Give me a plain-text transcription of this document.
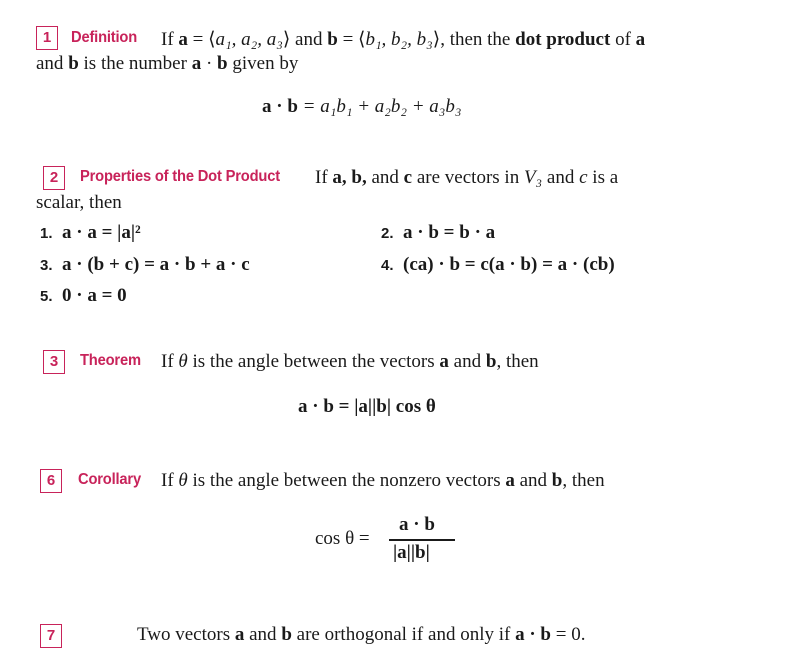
1	Definition If a = ⟨a₁, a₂, a₃⟩ and b = ⟨b₁, b₂, b₃⟩, then the dot product of a
and b is the number a · b given by
a · b = a₁b₁ + a₂b₂ + a₃b₃
2	Properties of the Dot Product If a, b, and c are vectors in V₃ and c is a
scalar, then
1. a · a = |a|²	2. a · b = b · a
3. a · (b + c) = a · b + a · c	4. (ca) · b = c(a · b) = a · (cb)
5. 0 · a = 0
3	Theorem If θ is the angle between the vectors a and b, then
a · b = |a||b| cos θ
6	Corollary If θ is the angle between the nonzero vectors a and b, then
cos θ =
a · b
|a||b|
7	Two vectors a and b are orthogonal if and only if a · b = 0.
